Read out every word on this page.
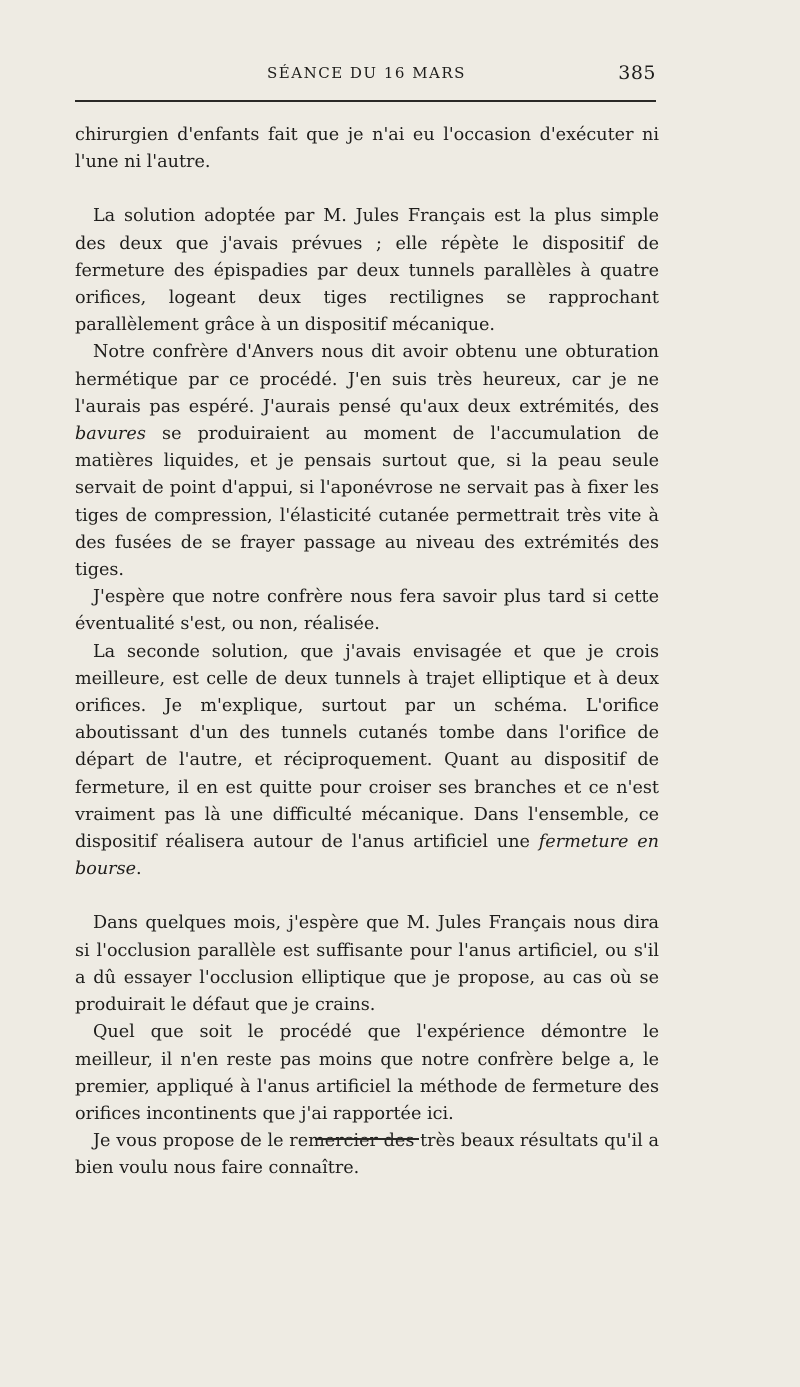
SÉANCE DU 16 MARS	385

chirurgien d'enfants fait que je n'ai eu l'occasion d'exécuter ni l'une ni l'autre.

La solution adoptée par M. Jules Français est la plus simple des deux que j'avais prévues ; elle répète le dispositif de fermeture des épispadies par deux tunnels parallèles à quatre orifices, logeant deux tiges rectilignes se rapprochant parallèlement grâce à un dispositif mécanique.

Notre confrère d'Anvers nous dit avoir obtenu une obturation hermétique par ce procédé. J'en suis très heureux, car je ne l'aurais pas espéré. J'aurais pensé qu'aux deux extrémités, des bavures se produiraient au moment de l'accumulation de matières liquides, et je pensais surtout que, si la peau seule servait de point d'appui, si l'aponévrose ne servait pas à fixer les tiges de compression, l'élasticité cutanée permettrait très vite à des fusées de se frayer passage au niveau des extrémités des tiges.

J'espère que notre confrère nous fera savoir plus tard si cette éventualité s'est, ou non, réalisée.

La seconde solution, que j'avais envisagée et que je crois meilleure, est celle de deux tunnels à trajet elliptique et à deux orifices. Je m'explique, surtout par un schéma. L'orifice aboutissant d'un des tunnels cutanés tombe dans l'orifice de départ de l'autre, et réciproquement. Quant au dispositif de fermeture, il en est quitte pour croiser ses branches et ce n'est vraiment pas là une difficulté mécanique. Dans l'ensemble, ce dispositif réalisera autour de l'anus artificiel une fermeture en bourse.

Dans quelques mois, j'espère que M. Jules Français nous dira si l'occlusion parallèle est suffisante pour l'anus artificiel, ou s'il a dû essayer l'occlusion elliptique que je propose, au cas où se produirait le défaut que je crains.

Quel que soit le procédé que l'expérience démontre le meilleur, il n'en reste pas moins que notre confrère belge a, le premier, appliqué à l'anus artificiel la méthode de fermeture des orifices incontinents que j'ai rapportée ici.

Je vous propose de le remercier des très beaux résultats qu'il a bien voulu nous faire connaître.
